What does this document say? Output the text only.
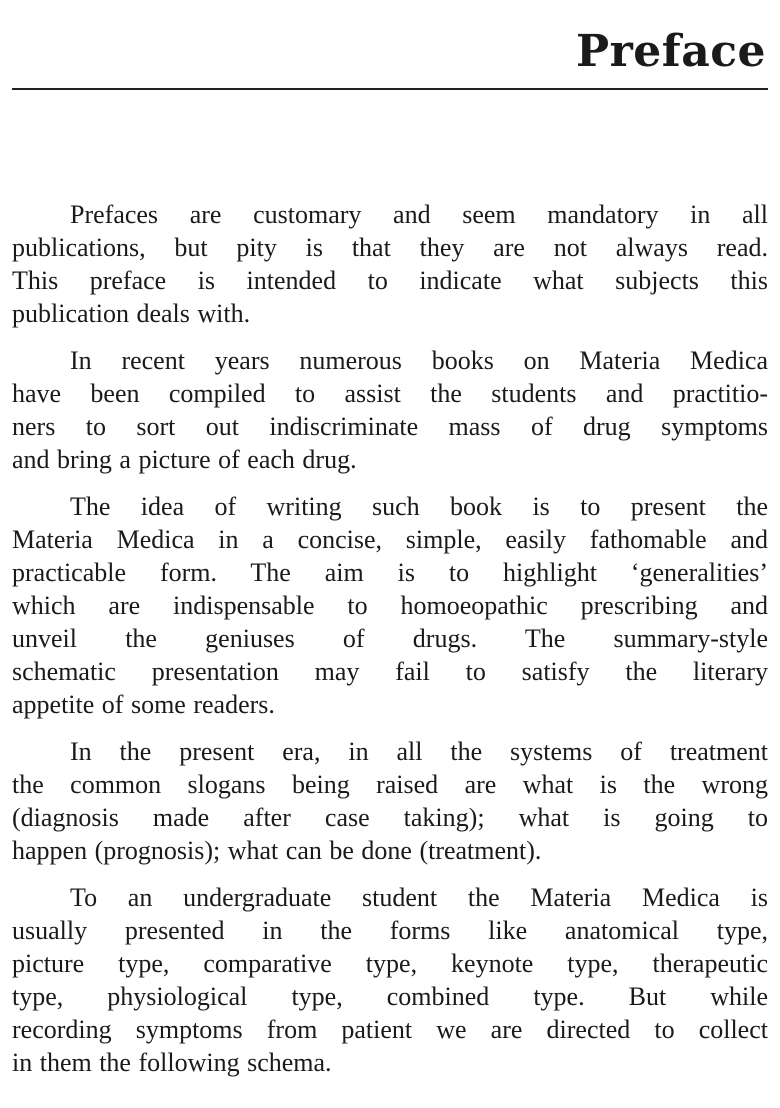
Preface
Prefaces are customary and seem mandatory in all
publications, but pity is that they are not always read.
This preface is intended to indicate what subjects this
publication deals with.
In recent years numerous books on Materia Medica
have been compiled to assist the students and practitio-
ners to sort out indiscriminate mass of drug symptoms
and bring a picture of each drug.
The idea of writing such book is to present the
Materia Medica in a concise, simple, easily fathomable and
practicable form. The aim is to highlight ‘generalities’
which are indispensable to homoeopathic prescribing and
unveil the geniuses of drugs. The summary-style
schematic presentation may fail to satisfy the literary
appetite of some readers.
In the present era, in all the systems of treatment
the common slogans being raised are what is the wrong
(diagnosis made after case taking); what is going to
happen (prognosis); what can be done (treatment).
To an undergraduate student the Materia Medica is
usually presented in the forms like anatomical type,
picture type, comparative type, keynote type, therapeutic
type, physiological type, combined type. But while
recording symptoms from patient we are directed to collect
in them the following schema.
